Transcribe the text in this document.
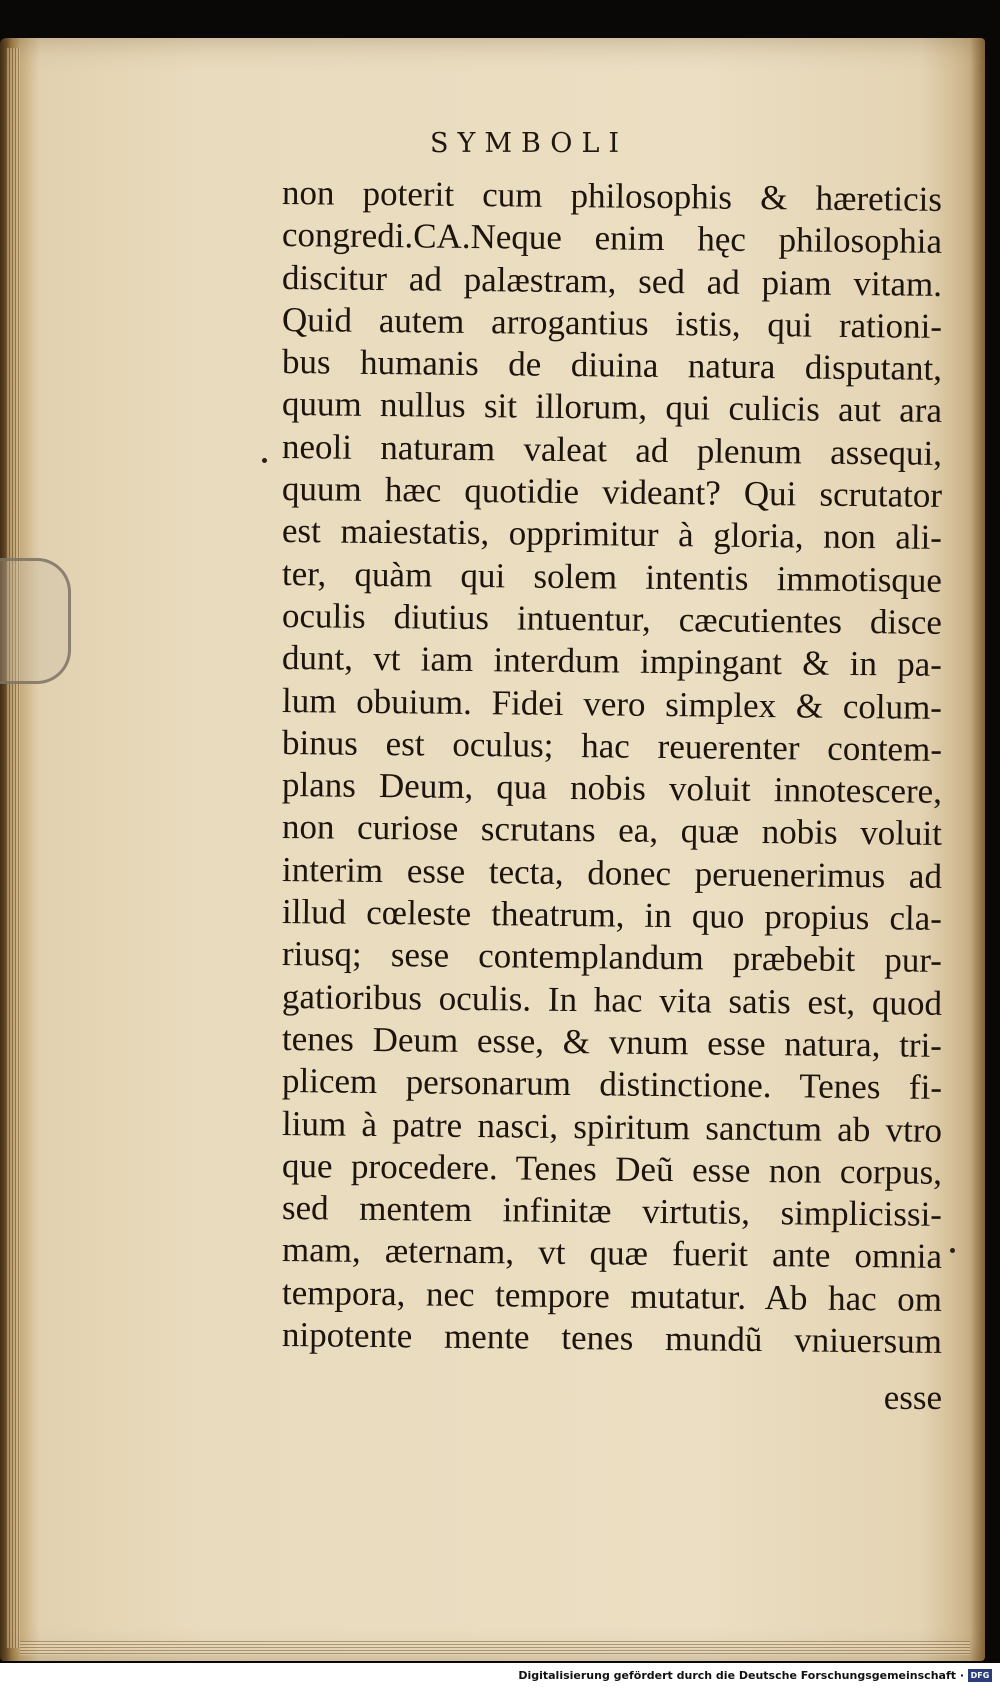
SYMBOLI
non poterit cum philosophis & hæreticis
congredi.CA.Neque enim hęc philosophia
discitur ad palæstram, sed ad piam vitam.
Quid autem arrogantius istis, qui rationi-
bus humanis de diuina natura disputant,
quum nullus sit illorum, qui culicis aut ara
neoli naturam valeat ad plenum assequi,
quum hæc quotidie videant? Qui scrutator
est maiestatis, opprimitur à gloria, non ali-
ter, quàm qui solem intentis immotisque
oculis diutius intuentur, cæcutientes disce
dunt, vt iam interdum impingant & in pa-
lum obuium. Fidei vero simplex & colum-
binus est oculus; hac reuerenter contem-
plans Deum, qua nobis voluit innotescere,
non curiose scrutans ea, quæ nobis voluit
interim esse tecta, donec peruenerimus ad
illud cœleste theatrum, in quo propius cla-
riusq; sese contemplandum præbebit pur-
gatioribus oculis. In hac vita satis est, quod
tenes Deum esse, & vnum esse natura, tri-
plicem personarum distinctione. Tenes fi-
lium à patre nasci, spiritum sanctum ab vtro
que procedere. Tenes Deũ esse non corpus,
sed mentem infinitæ virtutis, simplicissi-
mam, æternam, vt quæ fuerit ante omnia
tempora, nec tempore mutatur. Ab hac om
nipotente mente tenes mundũ vniuersum
esse
Digitalisierung gefördert durch die Deutsche Forschungsgemeinschaft · DFG
